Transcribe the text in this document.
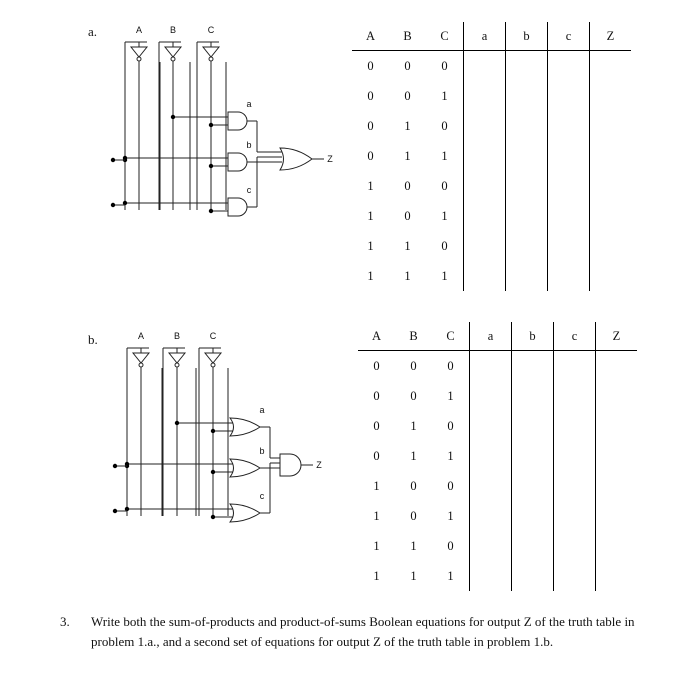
a.	A	B	C
a
b
c
Z
A	B	C	a	b	c	Z
0	0	0				
0	0	1				
0	1	0				
0	1	1				
1	0	0				
1	0	1				
1	1	0				
1	1	1				
b.	A	B	C
a
b
c
Z
A	B	C	a	b	c	Z
0	0	0				
0	0	1				
0	1	0				
0	1	1				
1	0	0				
1	0	1				
1	1	0				
1	1	1				
3. Write both the sum-of-products and product-of-sums Boolean equations for output Z of the truth table in problem 1.a., and a second set of equations for output Z of the truth table in problem 1.b.
